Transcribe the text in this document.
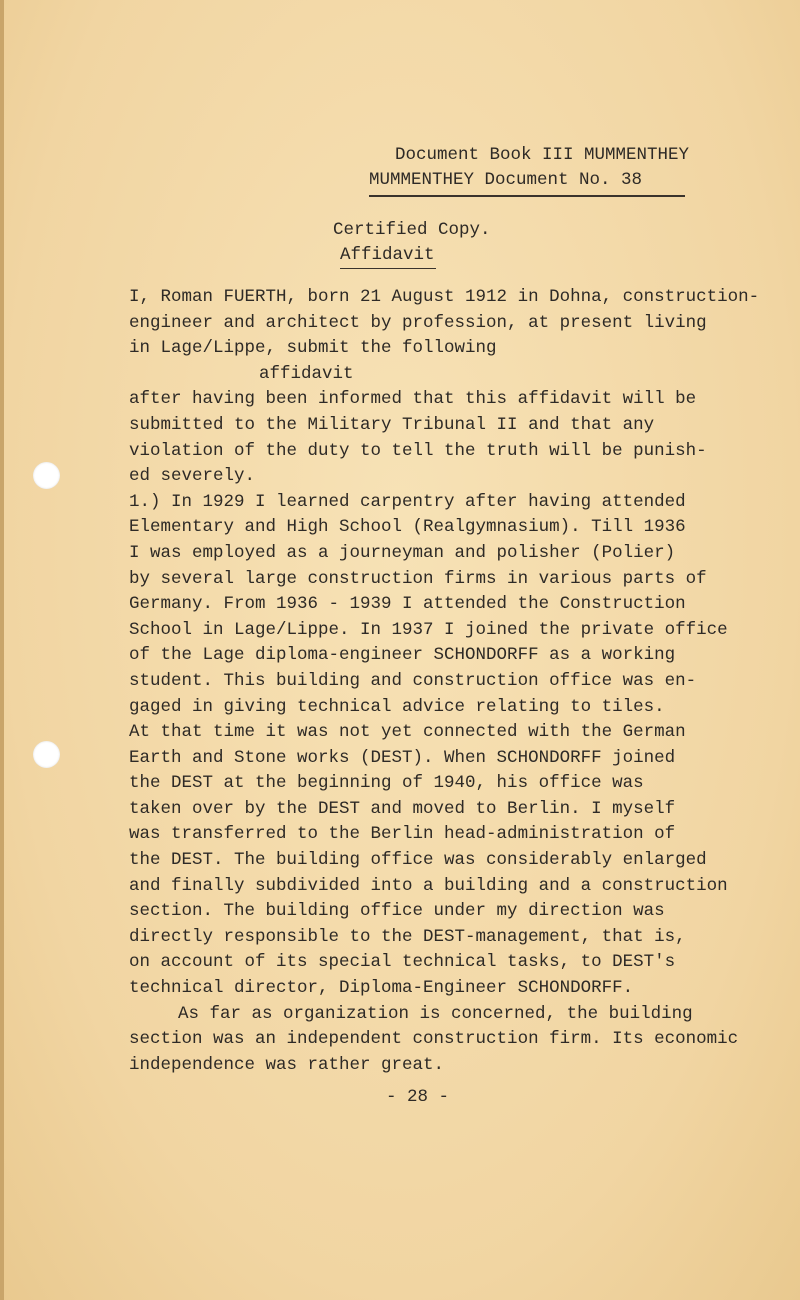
Document Book III MUMMENTHEY
MUMMENTHEY Document No. 38
Certified Copy.
Affidavit
I, Roman FUERTH, born 21 August 1912 in Dohna, construction-
engineer and architect by profession, at present living
in Lage/Lippe, submit the following
affidavit
after having been informed that this affidavit will be
submitted to the Military Tribunal II and that any
violation of the duty to tell the truth will be punish-
ed severely.
1.) In 1929 I learned carpentry after having attended
Elementary and High School (Realgymnasium). Till 1936
I was employed as a journeyman and polisher (Polier)
by several large construction firms in various parts of
Germany. From 1936 - 1939 I attended the Construction
School in Lage/Lippe. In 1937 I joined the private office
of the Lage diploma-engineer SCHONDORFF as a working
student. This building and construction office was en-
gaged in giving technical advice relating to tiles.
At that time it was not yet connected with the German
Earth and Stone works (DEST). When SCHONDORFF joined
the DEST at the beginning of 1940, his office was
taken over by the DEST and moved to Berlin. I myself
was transferred to the Berlin head-administration of
the DEST. The building office was considerably enlarged
and finally subdivided into a building and a construction
section. The building office under my direction was
directly responsible to the DEST-management, that is,
on account of its special technical tasks, to DEST's
technical director, Diploma-Engineer SCHONDORFF.
As far as organization is concerned, the building
section was an independent construction firm. Its economic
independence was rather great.
- 28 -
